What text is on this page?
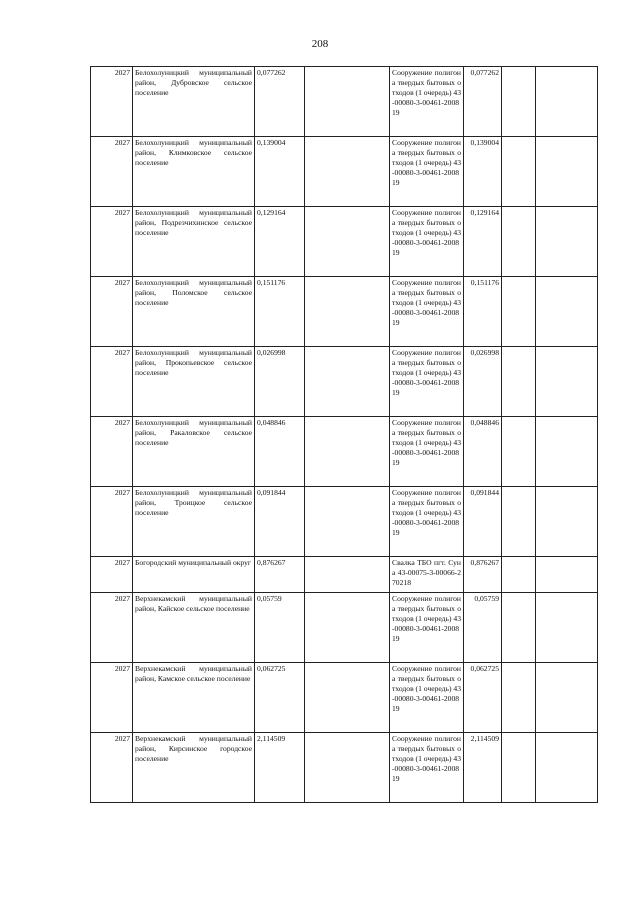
208
2027	Белохолуницкий муниципальный район, Дубровское сельское поселение	0,077262		Сооружение полигона твердых бытовых отходов (1 очередь) 43-00080-3-00461-200819	0,077262		
2027	Белохолуницкий муниципальный район, Климковское сельское поселение	0,139004		Сооружение полигона твердых бытовых отходов (1 очередь) 43-00080-3-00461-200819	0,139004		
2027	Белохолуницкий муниципальный район, Подрезчихинское сельское поселение	0,129164		Сооружение полигона твердых бытовых отходов (1 очередь) 43-00080-3-00461-200819	0,129164		
2027	Белохолуницкий муниципальный район, Поломское сельское поселение	0,151176		Сооружение полигона твердых бытовых отходов (1 очередь) 43-00080-3-00461-200819	0,151176		
2027	Белохолуницкий муниципальный район, Прокопьевское сельское поселение	0,026998		Сооружение полигона твердых бытовых отходов (1 очередь) 43-00080-3-00461-200819	0,026998		
2027	Белохолуницкий муниципальный район, Ракаловское сельское поселение	0,048846		Сооружение полигона твердых бытовых отходов (1 очередь) 43-00080-3-00461-200819	0,048846		
2027	Белохолуницкий муниципальный район, Троицкое сельское поселение	0,091844		Сооружение полигона твердых бытовых отходов (1 очередь) 43-00080-3-00461-200819	0,091844		
2027	Богородский муниципальный округ	0,876267		Свалка ТБО пгт. Суна 43-00075-3-00066-270218	0,876267		
2027	Верхнекамский муниципальный район, Кайское сельское поселение	0,05759		Сооружение полигона твердых бытовых отходов (1 очередь) 43-00080-3-00461-200819	0,05759		
2027	Верхнекамский муниципальный район, Камское сельское поселение	0,062725		Сооружение полигона твердых бытовых отходов (1 очередь) 43-00080-3-00461-200819	0,062725		
2027	Верхнекамский муниципальный район, Кирсинское городское поселение	2,114509		Сооружение полигона твердых бытовых отходов (1 очередь) 43-00080-3-00461-200819	2,114509		
